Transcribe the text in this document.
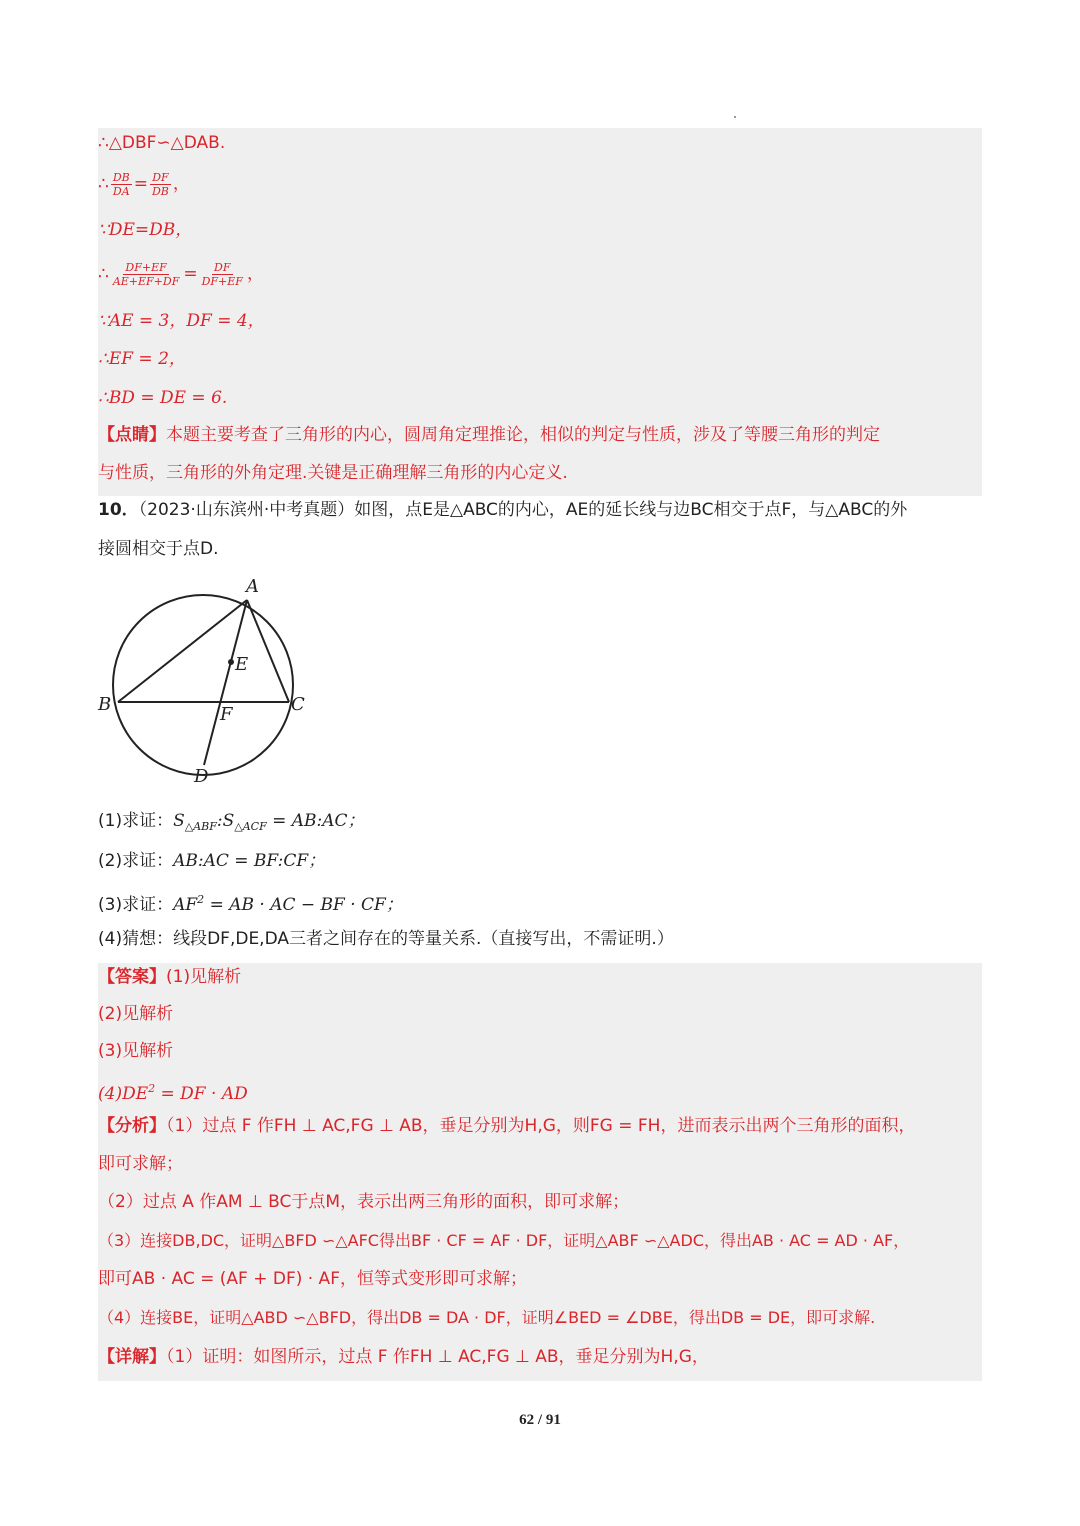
∴△DBF∽△DAB.
∴ $\frac{DB}{DA} = \frac{DF}{DB}$ ，
∵DE=DB，
∴ $\frac{DF+EF}{AE+EF+DF} = \frac{DF}{DF+EF}$ ，
∵AE = 3，DF = 4，
∴EF = 2，
∴BD = DE = 6.
【点睛】本题主要考查了三角形的内心，圆周角定理推论，相似的判定与性质，涉及了等腰三角形的判定
与性质，三角形的外角定理.关键是正确理解三角形的内心定义.
10．（2023·山东滨州·中考真题）如图，点E是△ABC的内心，AE的延长线与边BC相交于点F，与△ABC的外
接圆相交于点D.
A
B	C
D
E
F
(1)求证：$S_{\triangle ABF}:S_{\triangle ACF}$ = AB:AC；
(2)求证：AB:AC = BF:CF；
(3)求证：$AF^2$ = AB · AC − BF · CF；
(4)猜想：线段DF,DE,DA三者之间存在的等量关系.（直接写出，不需证明.）
【答案】(1)见解析
(2)见解析
(3)见解析
$(4)DE^2$ = DF · AD
【分析】（1）过点 F 作FH ⊥ AC,FG ⊥ AB，垂足分别为H,G，则FG = FH，进而表示出两个三角形的面积，
即可求解；
（2）过点 A 作AM ⊥ BC于点M，表示出两三角形的面积，即可求解；
（3）连接DB,DC，证明△BFD ∽△AFC得出BF · CF = AF · DF，证明△ABF ∽△ADC，得出AB · AC = AD · AF，
即可AB · AC = (AF + DF) · AF，恒等式变形即可求解；
（4）连接BE，证明△ABD ∽△BFD，得出DB = DA · DF，证明∠BED = ∠DBE，得出DB = DE，即可求解.
【详解】（1）证明：如图所示，过点 F 作FH ⊥ AC,FG ⊥ AB，垂足分别为H,G，
62 / 91
